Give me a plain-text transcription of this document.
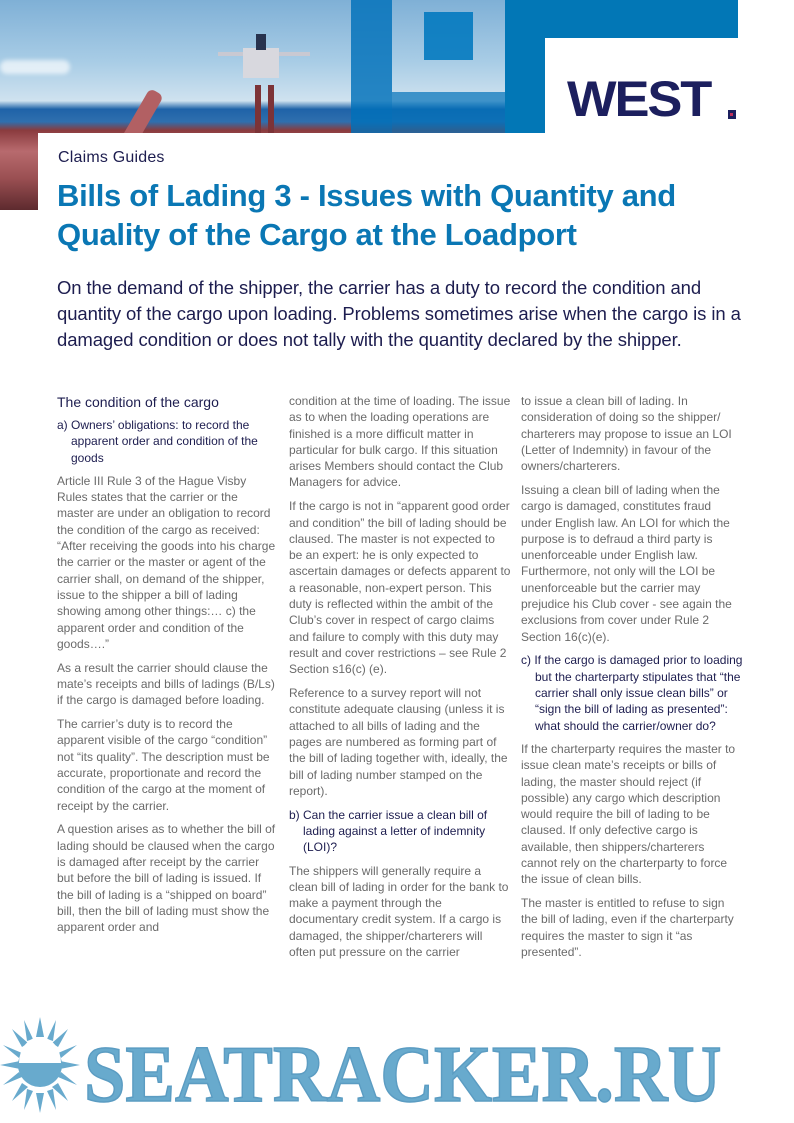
WEST
Claims Guides
Bills of Lading 3 - Issues with Quantity and Quality of the Cargo at the Loadport

On the demand of the shipper, the carrier has a duty to record the condition and quantity of the cargo upon loading. Problems sometimes arise when the cargo is in a damaged condition or does not tally with the quantity declared by the shipper.

The condition of the cargo
a) Owners’ obligations: to record the apparent order and condition of the goods

Article III Rule 3 of the Hague Visby Rules states that the carrier or the master are under an obligation to record the condition of the cargo as received: “After receiving the goods into his charge the carrier or the master or agent of the carrier shall, on demand of the shipper, issue to the shipper a bill of lading showing among other things:… c) the apparent order and condition of the goods….”

As a result the carrier should clause the mate’s receipts and bills of ladings (B/Ls) if the cargo is damaged before loading.

The carrier’s duty is to record the apparent visible of the cargo “condition” not “its quality”. The description must be accurate, proportionate and record the condition of the cargo at the moment of receipt by the carrier.

A question arises as to whether the bill of lading should be claused when the cargo is damaged after receipt by the carrier but before the bill of lading is issued. If the bill of lading is a “shipped on board” bill, then the bill of lading must show the apparent order and

condition at the time of loading. The issue as to when the loading operations are finished is a more difficult matter in particular for bulk cargo. If this situation arises Members should contact the Club Managers for advice.

If the cargo is not in “apparent good order and condition” the bill of lading should be claused. The master is not expected to be an expert: he is only expected to ascertain damages or defects apparent to a reasonable, non-expert person. This duty is reflected within the ambit of the Club’s cover in respect of cargo claims and failure to comply with this duty may result and cover restrictions – see Rule 2 Section s16(c) (e).

Reference to a survey report will not constitute adequate clausing (unless it is attached to all bills of lading and the pages are numbered as forming part of the bill of lading together with, ideally, the bill of lading number stamped on the report).

b) Can the carrier issue a clean bill of lading against a letter of indemnity (LOI)?

The shippers will generally require a clean bill of lading in order for the bank to make a payment through the documentary credit system. If a cargo is damaged, the shipper/charterers will often put pressure on the carrier

to issue a clean bill of lading. In consideration of doing so the shipper/ charterers may propose to issue an LOI (Letter of Indemnity) in favour of the owners/charterers.

Issuing a clean bill of lading when the cargo is damaged, constitutes fraud under English law. An LOI for which the purpose is to defraud a third party is unenforceable under English law. Furthermore, not only will the LOI be unenforceable but the carrier may prejudice his Club cover - see again the exclusions from cover under Rule 2 Section 16(c)(e).

c) If the cargo is damaged prior to loading but the charterparty stipulates that “the carrier shall only issue clean bills” or “sign the bill of lading as presented”: what should the carrier/owner do?

If the charterparty requires the master to issue clean mate’s receipts or bills of lading, the master should reject (if possible) any cargo which description would require the bill of lading to be claused. If only defective cargo is available, then shippers/charterers cannot rely on the charterparty to force the issue of clean bills.

The master is entitled to refuse to sign the bill of lading, even if the charterparty requires the master to sign it “as presented”.

SEATRACKER.RU
